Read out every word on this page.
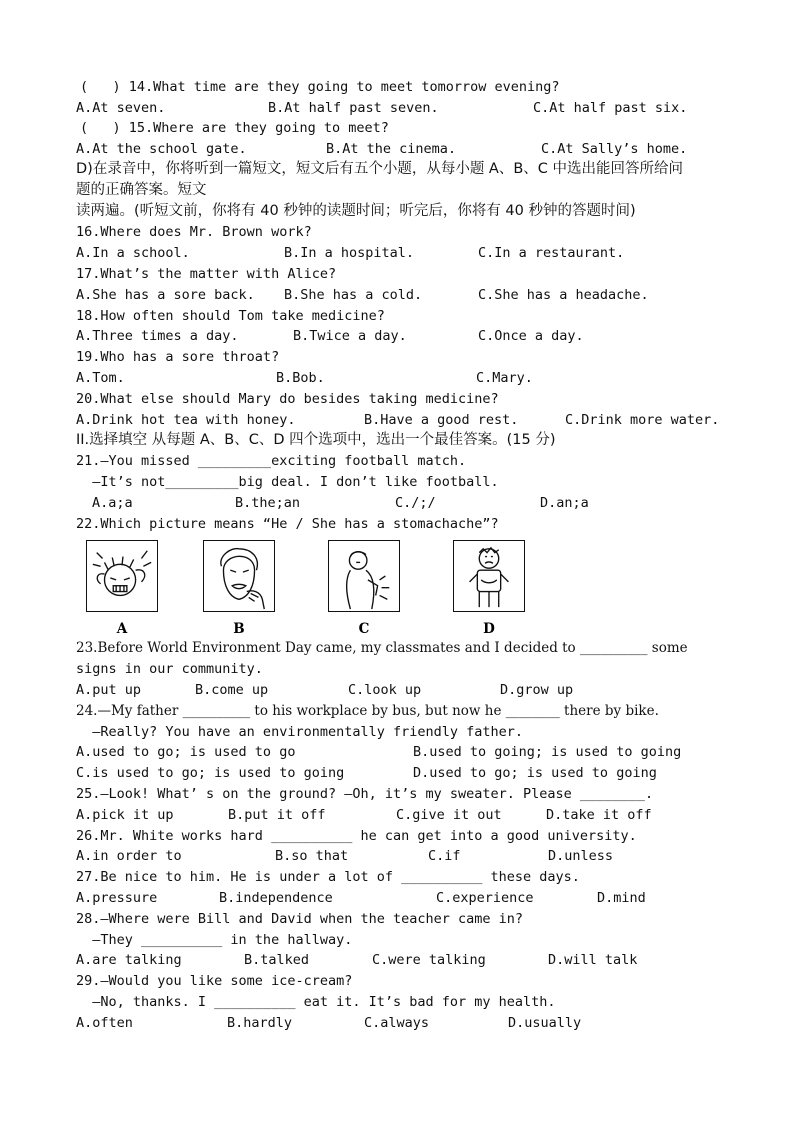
(   ) 14.What time are they going to meet tomorrow evening?
A.At seven.	B.At half past seven.	C.At half past six.
(   ) 15.Where are they going to meet?
A.At the school gate.	B.At the cinema.	C.At Sally’s home.
D)在录音中，你将听到一篇短文，短文后有五个小题，从每小题 A、B、C 中选出能回答所给问
题的正确答案。短文
读两遍。(听短文前，你将有 40 秒钟的读题时间；听完后，你将有 40 秒钟的答题时间)
16.Where does Mr. Brown work?
A.In a school.	B.In a hospital.	C.In a restaurant.
17.What’s the matter with Alice?
A.She has a sore back. B.She has a cold.	C.She has a headache.
18.How often should Tom take medicine?
A.Three times a day.	B.Twice a day.	C.Once a day.
19.Who has a sore throat?
A.Tom.	B.Bob.	C.Mary.
20.What else should Mary do besides taking medicine?
A.Drink hot tea with honey.	B.Have a good rest.	C.Drink more water.
II.选择填空 从每题 A、B、C、D 四个选项中，选出一个最佳答案。(15 分)
21.—You missed _________exciting football match.
—It’s not_________big deal. I don’t like football.
A.a;a	B.the;an	C./;/	D.an;a
22.Which picture means “He / She has a stomachache”?
A	B	C	D
23.Before World Environment Day came, my classmates and I decided to __________ some
signs in our community.
A.put up	B.come up	C.look up	D.grow up
24.—My father __________ to his workplace by bus, but now he ________ there by bike.
—Really? You have an environmentally friendly father.
A.used to go; is used to go	B.used to going; is used to going
C.is used to go; is used to going	D.used to go; is used to going
25.—Look! What’ s on the ground? —Oh, it’s my sweater. Please ________.
A.pick it up	B.put it off	C.give it out	D.take it off
26.Mr. White works hard __________ he can get into a good university.
A.in order to	B.so that	C.if	D.unless
27.Be nice to him. He is under a lot of __________ these days.
A.pressure	B.independence	C.experience	D.mind
28.—Where were Bill and David when the teacher came in?
—They __________ in the hallway.
A.are talking	B.talked	C.were talking	D.will talk
29.—Would you like some ice-cream?
—No, thanks. I __________ eat it. It’s bad for my health.
A.often	B.hardly	C.always	D.usually
